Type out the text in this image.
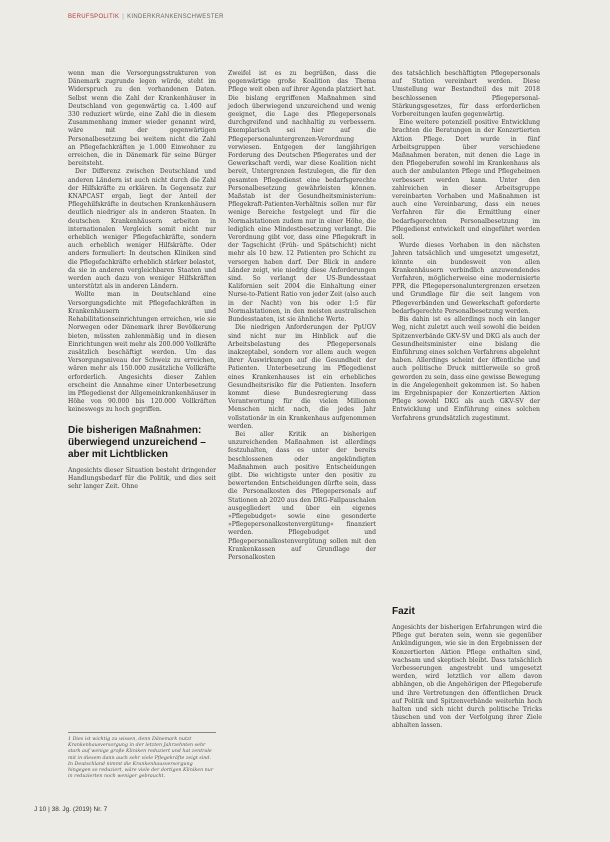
BERUFSPOLITIK | KINDERKRANKENSCHWESTER

wenn man die Versorgungsstrukturen von Dänemark zugrunde legen würde, steht im Widerspruch zu den vorhandenen Daten. Selbst wenn die Zahl der Krankenhäuser in Deutschland von gegenwärtig ca. 1.400 auf 330 reduziert würde, eine Zahl die in diesem Zusammenhang immer wieder genannt wird, wäre mit der gegenwärtigen Personalbesetzung bei weitem nicht die Zahl an Pflegefachkräften je 1.000 Einwohner zu erreichen, die in Dänemark für seine Bürger bereitsteht.

Der Differenz zwischen Deutschland und anderen Ländern ist auch nicht durch die Zahl der Hilfskräfte zu erklären. In Gegensatz zur KNAPCAST ergab, liegt der Anteil der Pflegehilfskräfte in deutschen Krankenhäusern deutlich niedriger als in anderen Staaten. In deutschen Krankenhäusern arbeiten in internationalen Vergleich somit nicht nur erheblich weniger Pflegefachkräfte, sondern auch erheblich weniger Hilfskräfte. Oder anders formuliert: In deutschen Kliniken sind die Pflegefachkräfte erheblich stärker belastet, da sie in anderen vergleichbaren Staaten und werden auch dazu von weniger Hilfskräften unterstützt als in anderen Ländern.

Wollte man in Deutschland eine Versorgungsdichte mit Pflegefachkräften in Krankenhäusern und Rehabilitationseinrichtungen erreichen, wie sie Norwegen oder Dänemark ihrer Bevölkerung bieten, müssten zahlenmäßig und in diesen Einrichtungen weit mehr als 200.000 Vollkräfte zusätzlich beschäftigt werden. Um das Versorgungsniveau der Schweiz zu erreichen, wären mehr als 150.000 zusätzliche Vollkräfte erforderlich. Angesichts dieser Zahlen erscheint die Annahme einer Unterbesetzung im Pflegedienst der Allgemeinkrankenhäuser in Höhe von 90.000 bis 120.000 Vollkräften keineswegs zu hoch gegriffen.

Die bisherigen Maßnahmen: überwiegend unzureichend – aber mit Lichtblicken

Angesichts dieser Situation besteht dringender Handlungsbedarf für die Politik, und dies seit sehr langer Zeit. Ohne

1 Dies ist wichtig zu wissen, denn Dänemark nutzt Krankenhausversorgung in der letzten Jahrzehnten sehr stark auf wenige große Kliniken reduziert und hat zentrale mit in diesem dann auch sehr viele Pflegekräfte zeigt sind. In Deutschland nimmt die Krankenhausversorgung hingegen so reduziert, wäre viele der dortigen Kliniken nur in reduzierten noch weniger gebraucht.

Zweifel ist es zu begrüßen, dass die gegenwärtige große Koalition das Thema Pflege weit oben auf ihrer Agenda platziert hat. Die bislang ergriffenen Maßnahmen sind jedoch überwiegend unzureichend und wenig geeignet, die Lage des Pflegepersonals durchgreifend und nachhaltig zu verbessern. Exemplarisch sei hier auf die Pflegepersonaluntergrenzen-Verordnung verwiesen. Entgegen der langjährigen Forderung des Deutschen Pflegerates und der Gewerkschaft verdi, war diese Koalition nicht bereit, Untergrenzen festzulegen, die für den gesamten Pflegedienst eine bedarfsgerechte Personalbesetzung gewährleisten können. Maßstab ist der Gesundheitsministerium: Pflegekraft-Patienten-Verhältnis sollen nur für wenige Bereiche festgelegt und für die Normalstationen zudem nur in einer Höhe, die lediglich eine Mindestbesetzung verlangt. Die Verordnung gibt vor, dass eine Pflegekraft in der Tagschicht (Früh- und Spätschicht) nicht mehr als 10 bzw. 12 Patienten pro Schicht zu versorgen haben darf. Der Blick in andere Länder zeigt, wie niedrig diese Anforderungen sind. So verlangt der US-Bundesstaat Kalifornien seit 2004 die Einhaltung einer Nurse-to-Patient Ratio von jeder Zeit (also auch in der Nacht) von bis oder 1:5 für Normalstationen, in den meisten australischen Bundesstaaten, ist sie ähnliche Werte.

Die niedrigen Anforderungen der PpUGV sind nicht nur im Hinblick auf die Arbeitsbelastung des Pflegepersonals inakzeptabel, sondern vor allem auch wegen ihrer Auswirkungen auf die Gesundheit der Patienten. Unterbesetzung im Pflegedienst eines Krankenhauses ist ein erhebliches Gesundheitsrisiko für die Patienten. Insofern kommt diese Bundesregierung dass Verantwortung für die vielen Millionen Menschen nicht nach, die jedes Jahr vollstationär in ein Krankenhaus aufgenommen werden.

Bei aller Kritik an bisherigen unzureichenden Maßnahmen ist allerdings festzuhalten, dass es unter der bereits beschlossenen oder angekündigten Maßnahmen auch positive Entscheidungen gibt. Die wichtigste unter den positiv zu bewertenden Entscheidungen dürfte sein, dass die Personalkosten des Pflegepersonals auf Stationen ab 2020 aus den DRG-Fallpauschalen ausgegliedert und über ein eigenes »Pflegebudget« sowie eine gesonderte »Pflegepersonalkostenvergütung« finanziert werden. Pflegebudget und Pflegepersonalkostenvergütung sollen mit den Krankenkassen auf Grundlage der Personalkosten

des tatsächlich beschäftigten Pflegepersonals auf Station vereinbart werden. Diese Umstellung war Bestandteil des mit 2018 beschlossenen Pflegepersonal-Stärkungsgesetzes, für dass erforderlichen Vorbereitungen laufen gegenwärtig.

Eine weitere potenziell positive Entwicklung brachten die Beratungen in der Konzertierten Aktion Pflege. Dort wurde in fünf Arbeitsgruppen über verschiedene Maßnahmen beraten, mit denen die Lage in den Pflegeberufen sowohl im Krankenhaus als auch der ambulanten Pflege und Pflegeheimen verbessert werden kann. Unter den zahlreichen in dieser Arbeitsgruppe vereinbarten Vorhaben und Maßnahmen ist auch eine Vereinbarung, dass ein neues Verfahren für die Ermittlung einer bedarfsgerechten Personalbesetzung im Pflegedienst entwickelt und eingeführt werden soll.

Wurde dieses Vorhaben in den nächsten Jahren tatsächlich und umgesetzt umgesetzt, könnte ein bundesweit von allen Krankenhäusern verbindlich anzuwendendes Verfahren, möglicherweise eine modernisierte PPR, die Pflegepersonaluntergrenzen ersetzen und Grundlage für die seit langem von Pflegeverbänden und Gewerkschaft geforderte bedarfsgerechte Personalbesetzung werden.

Bis dahin ist es allerdings noch ein langer Weg, nicht zuletzt auch weil sowohl die beiden Spitzenverbände GKV-SV und DKG als auch der Gesundheitsminister eine bislang die Einführung eines solchen Verfahrens abgelehnt haben. Allerdings scheint der öffentliche und auch politische Druck mittlerweile so groß geworden zu sein, dass eine gewisse Bewegung in die Angelegenheit gekommen ist. So haben im Ergebnispapier der Konzertierten Aktion Pflege sowohl DKG als auch GKV-SV der Entwicklung und Einführung eines solchen Verfahrens grundsätzlich zugestimmt.

Fazit

Angesichts der bisherigen Erfahrungen wird die Pflege gut beraten sein, wenn sie gegenüber Ankündigungen, wie sie in den Ergebnissen der Konzertierten Aktion Pflege enthalten sind, wachsam und skeptisch bleibt. Dass tatsächlich Verbesserungen angestrebt und umgesetzt werden, wird letztlich vor allem davon abhängen, ob die Angehörigen der Pflegeberufe und ihre Vertretungen den öffentlichen Druck auf Politik und Spitzenverbände weiterhin hoch halten und sich nicht durch politische Tricks täuschen und von der Verfolgung ihrer Ziele abhalten lassen.

J 10 | 38. Jg. (2019) Nr. 7
